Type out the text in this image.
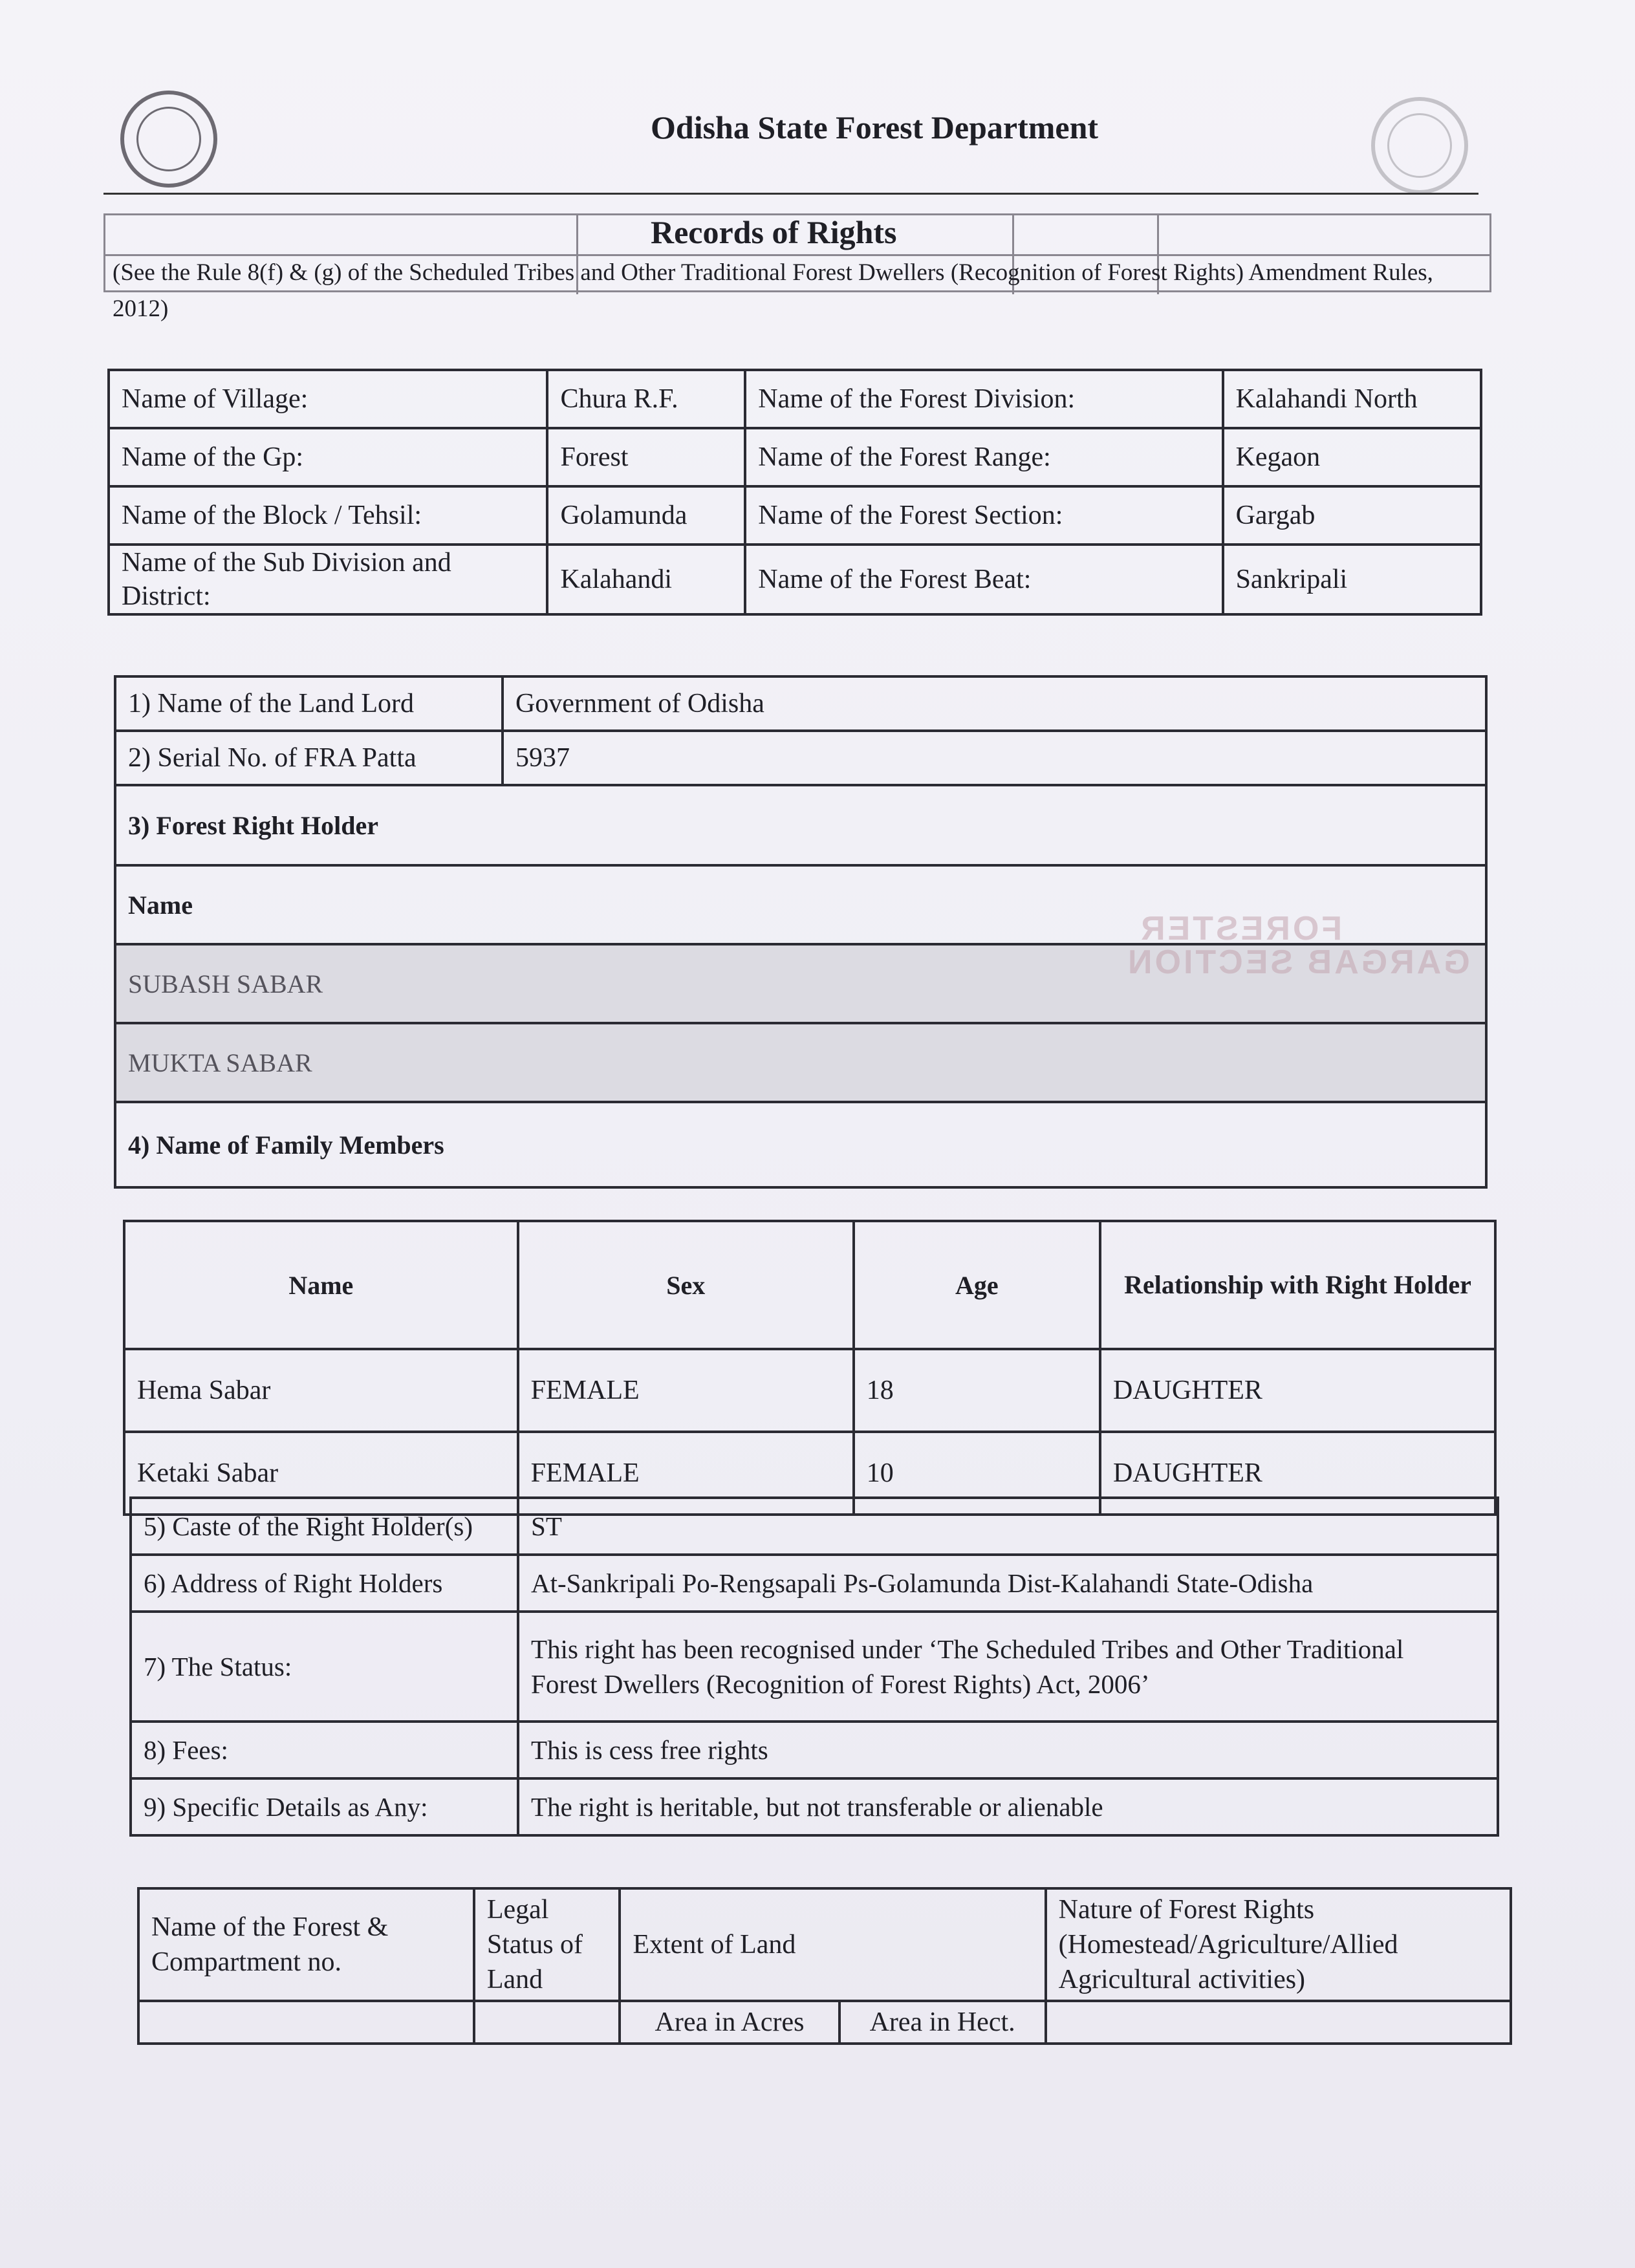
Odisha State Forest Department
Records of Rights
(See the Rule 8(f) & (g) of the Scheduled Tribes and Other Traditional Forest Dwellers (Recognition of Forest Rights) Amendment Rules, 2012)
Name of Village:	Chura R.F.	Name of the Forest Division:	Kalahandi North
Name of the Gp:	Forest	Name of the Forest Range:	Kegaon
Name of the Block / Tehsil:	Golamunda	Name of the Forest Section:	Gargab
Name of the Sub Division and District:	Kalahandi	Name of the Forest Beat:	Sankripali
1) Name of the Land Lord	Government of Odisha
2) Serial No. of FRA Patta	5937
3) Forest Right Holder	
Name	
SUBASH SABAR	
MUKTA SABAR	
4) Name of Family Members	
Name	Sex	Age	Relationship with Right Holder
Hema Sabar	FEMALE	18	DAUGHTER
Ketaki Sabar	FEMALE	10	DAUGHTER
5) Caste of the Right Holder(s)	ST
6) Address of Right Holders	At-Sankripali Po-Rengsapali Ps-Golamunda Dist-Kalahandi State-Odisha
7) The Status:	This right has been recognised under ‘The Scheduled Tribes and Other Traditional
Forest Dwellers (Recognition of Forest Rights) Act, 2006’

8) Fees:	This is cess free rights
9) Specific Details as Any:	The right is heritable, but not transferable or alienable
Name of the Forest & Compartment no.	Legal Status of Land	Extent of Land		Nature of Forest Rights (Homestead/Agriculture/Allied Agricultural activities)
		Area in Acres	Area in Hect.	
FORESTER
GARGAB SECTION
